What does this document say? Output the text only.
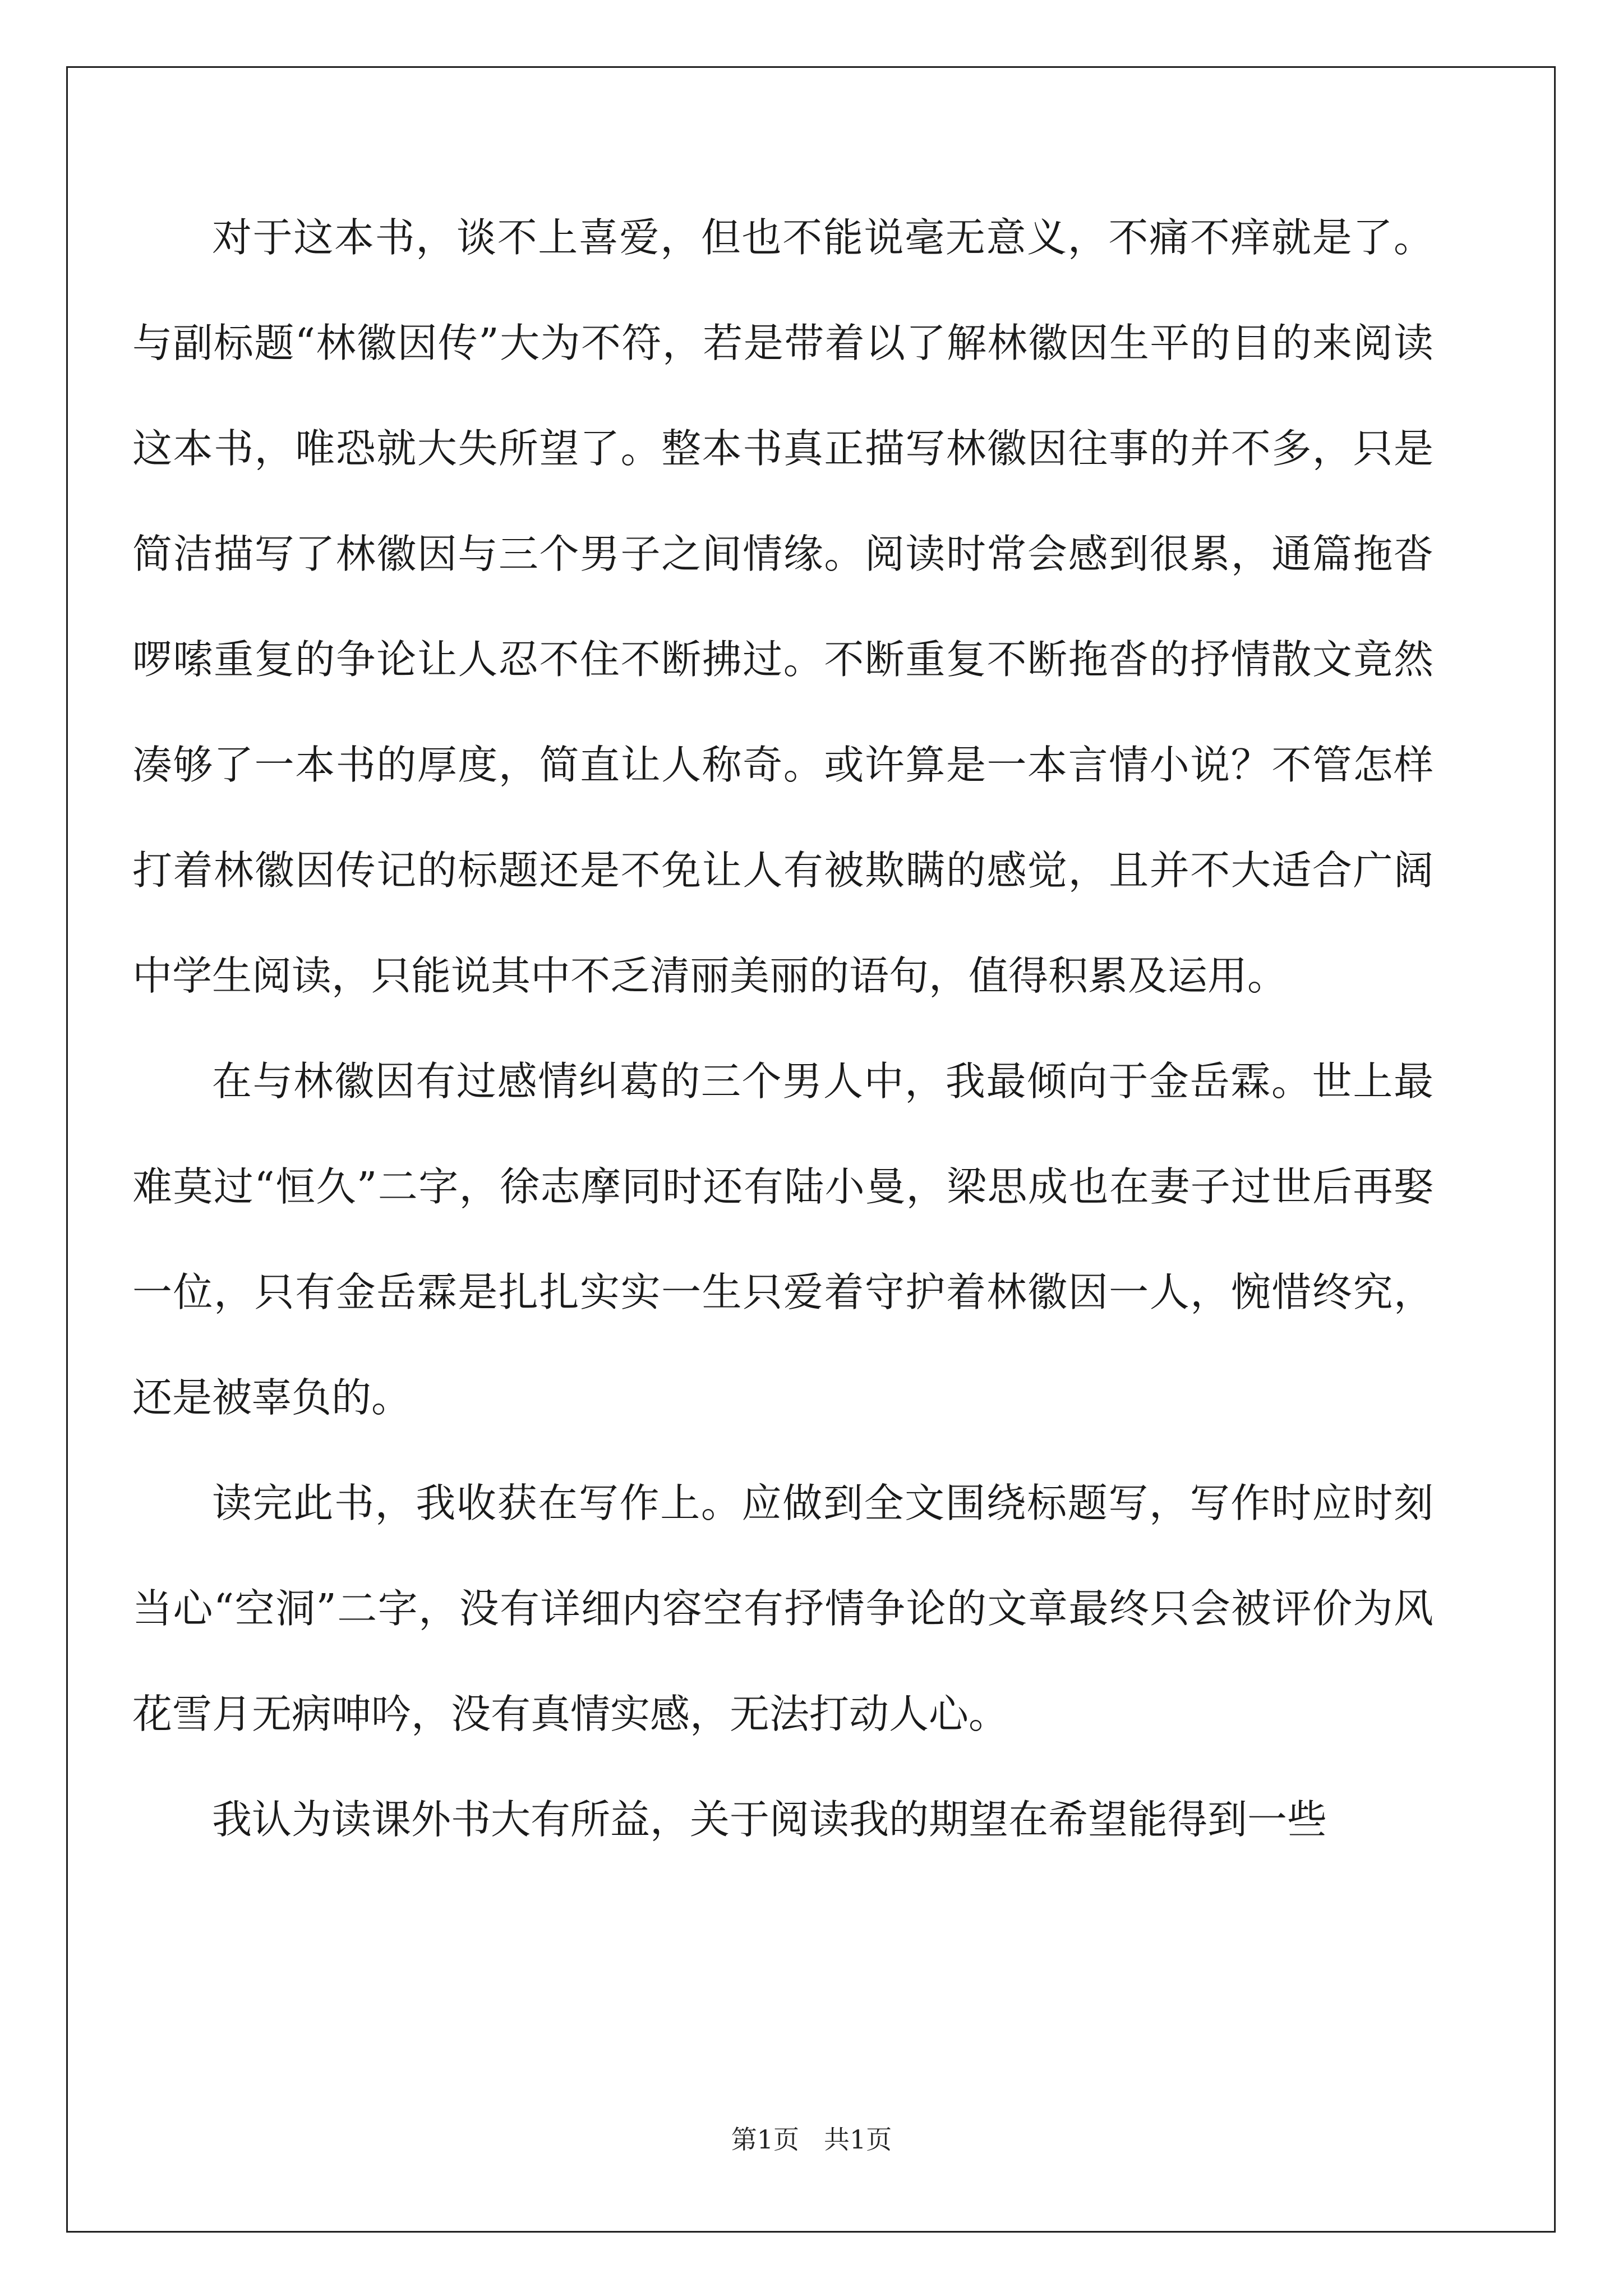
对于这本书，谈不上喜爱，但也不能说毫无意义，不痛不痒就是了。与副标题“林徽因传”大为不符，若是带着以了解林徽因生平的目的来阅读这本书，唯恐就大失所望了。整本书真正描写林徽因往事的并不多，只是简洁描写了林徽因与三个男子之间情缘。阅读时常会感到很累，通篇拖沓啰嗦重复的争论让人忍不住不断拂过。不断重复不断拖沓的抒情散文竟然凑够了一本书的厚度，简直让人称奇。或许算是一本言情小说？不管怎样打着林徽因传记的标题还是不免让人有被欺瞒的感觉，且并不大适合广阔中学生阅读，只能说其中不乏清丽美丽的语句，值得积累及运用。

在与林徽因有过感情纠葛的三个男人中，我最倾向于金岳霖。世上最难莫过“恒久”二字，徐志摩同时还有陆小曼，梁思成也在妻子过世后再娶一位，只有金岳霖是扎扎实实一生只爱着守护着林徽因一人，惋惜终究，还是被辜负的。

读完此书，我收获在写作上。应做到全文围绕标题写，写作时应时刻当心“空洞”二字，没有详细内容空有抒情争论的文章最终只会被评价为风花雪月无病呻吟，没有真情实感，无法打动人心。

我认为读课外书大有所益，关于阅读我的期望在希望能得到一些

第1页 共1页
